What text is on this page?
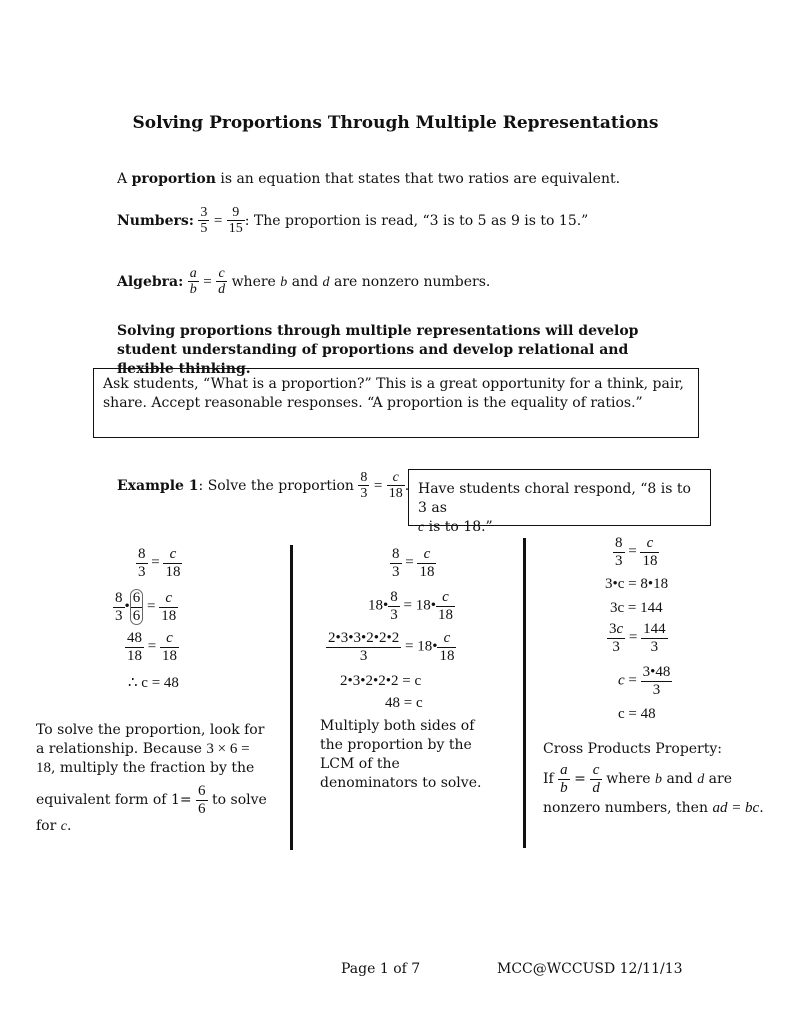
Solving Proportions Through Multiple Representations
A proportion is an equation that states that two ratios are equivalent.
Numbers: $\frac{3}{5} = \frac{9}{15}$ : The proportion is read, “3 is to 5 as 9 is to 15.”
Algebra: $\frac{a}{b} = \frac{c}{d}$ where b and d are nonzero numbers.
Solving proportions through multiple representations will develop student understanding of proportions and develop relational and flexible thinking.
Ask students, “What is a proportion?” This is a great opportunity for a think, pair, share. Accept reasonable responses. “A proportion is the equality of ratios.”
Example 1: Solve the proportion $\frac{8}{3} = \frac{c}{18}$ . Have students choral respond, “8 is to 3 as
c is to 18.”
$\frac{8}{3} = \frac{c}{18}$
$\frac{8}{3}$ • $\frac{6}{6} = \frac{c}{18}$
$\frac{48}{18} = \frac{c}{18}$
∴ c = 48
To solve the proportion, look for a relationship. Because 3 × 6 = 18, multiply the fraction by the
equivalent form of $1= \frac{6}{6}$ to solve
for c.
$\frac{8}{3} = \frac{c}{18}$
18• $\frac{8}{3}$ = 18• $\frac{c}{18}$
$\frac{2•3•3•2•2•2}{3}$ = 18• $\frac{c}{18}$
2•3•2•2•2 = c
48 = c
Multiply both sides of the proportion by the LCM of the denominators to solve.
$\frac{8}{3} = \frac{c}{18}$
3•c = 8•18
3c = 144
$\frac{3c}{3} = \frac{144}{3}$
$c = \frac{3•48}{3}$
c = 48
Cross Products Property:
If $\frac{a}{b} = \frac{c}{d}$ where b and d are
nonzero numbers, then ad = bc.
Page 1 of 7	MCC@WCCUSD 12/11/13
